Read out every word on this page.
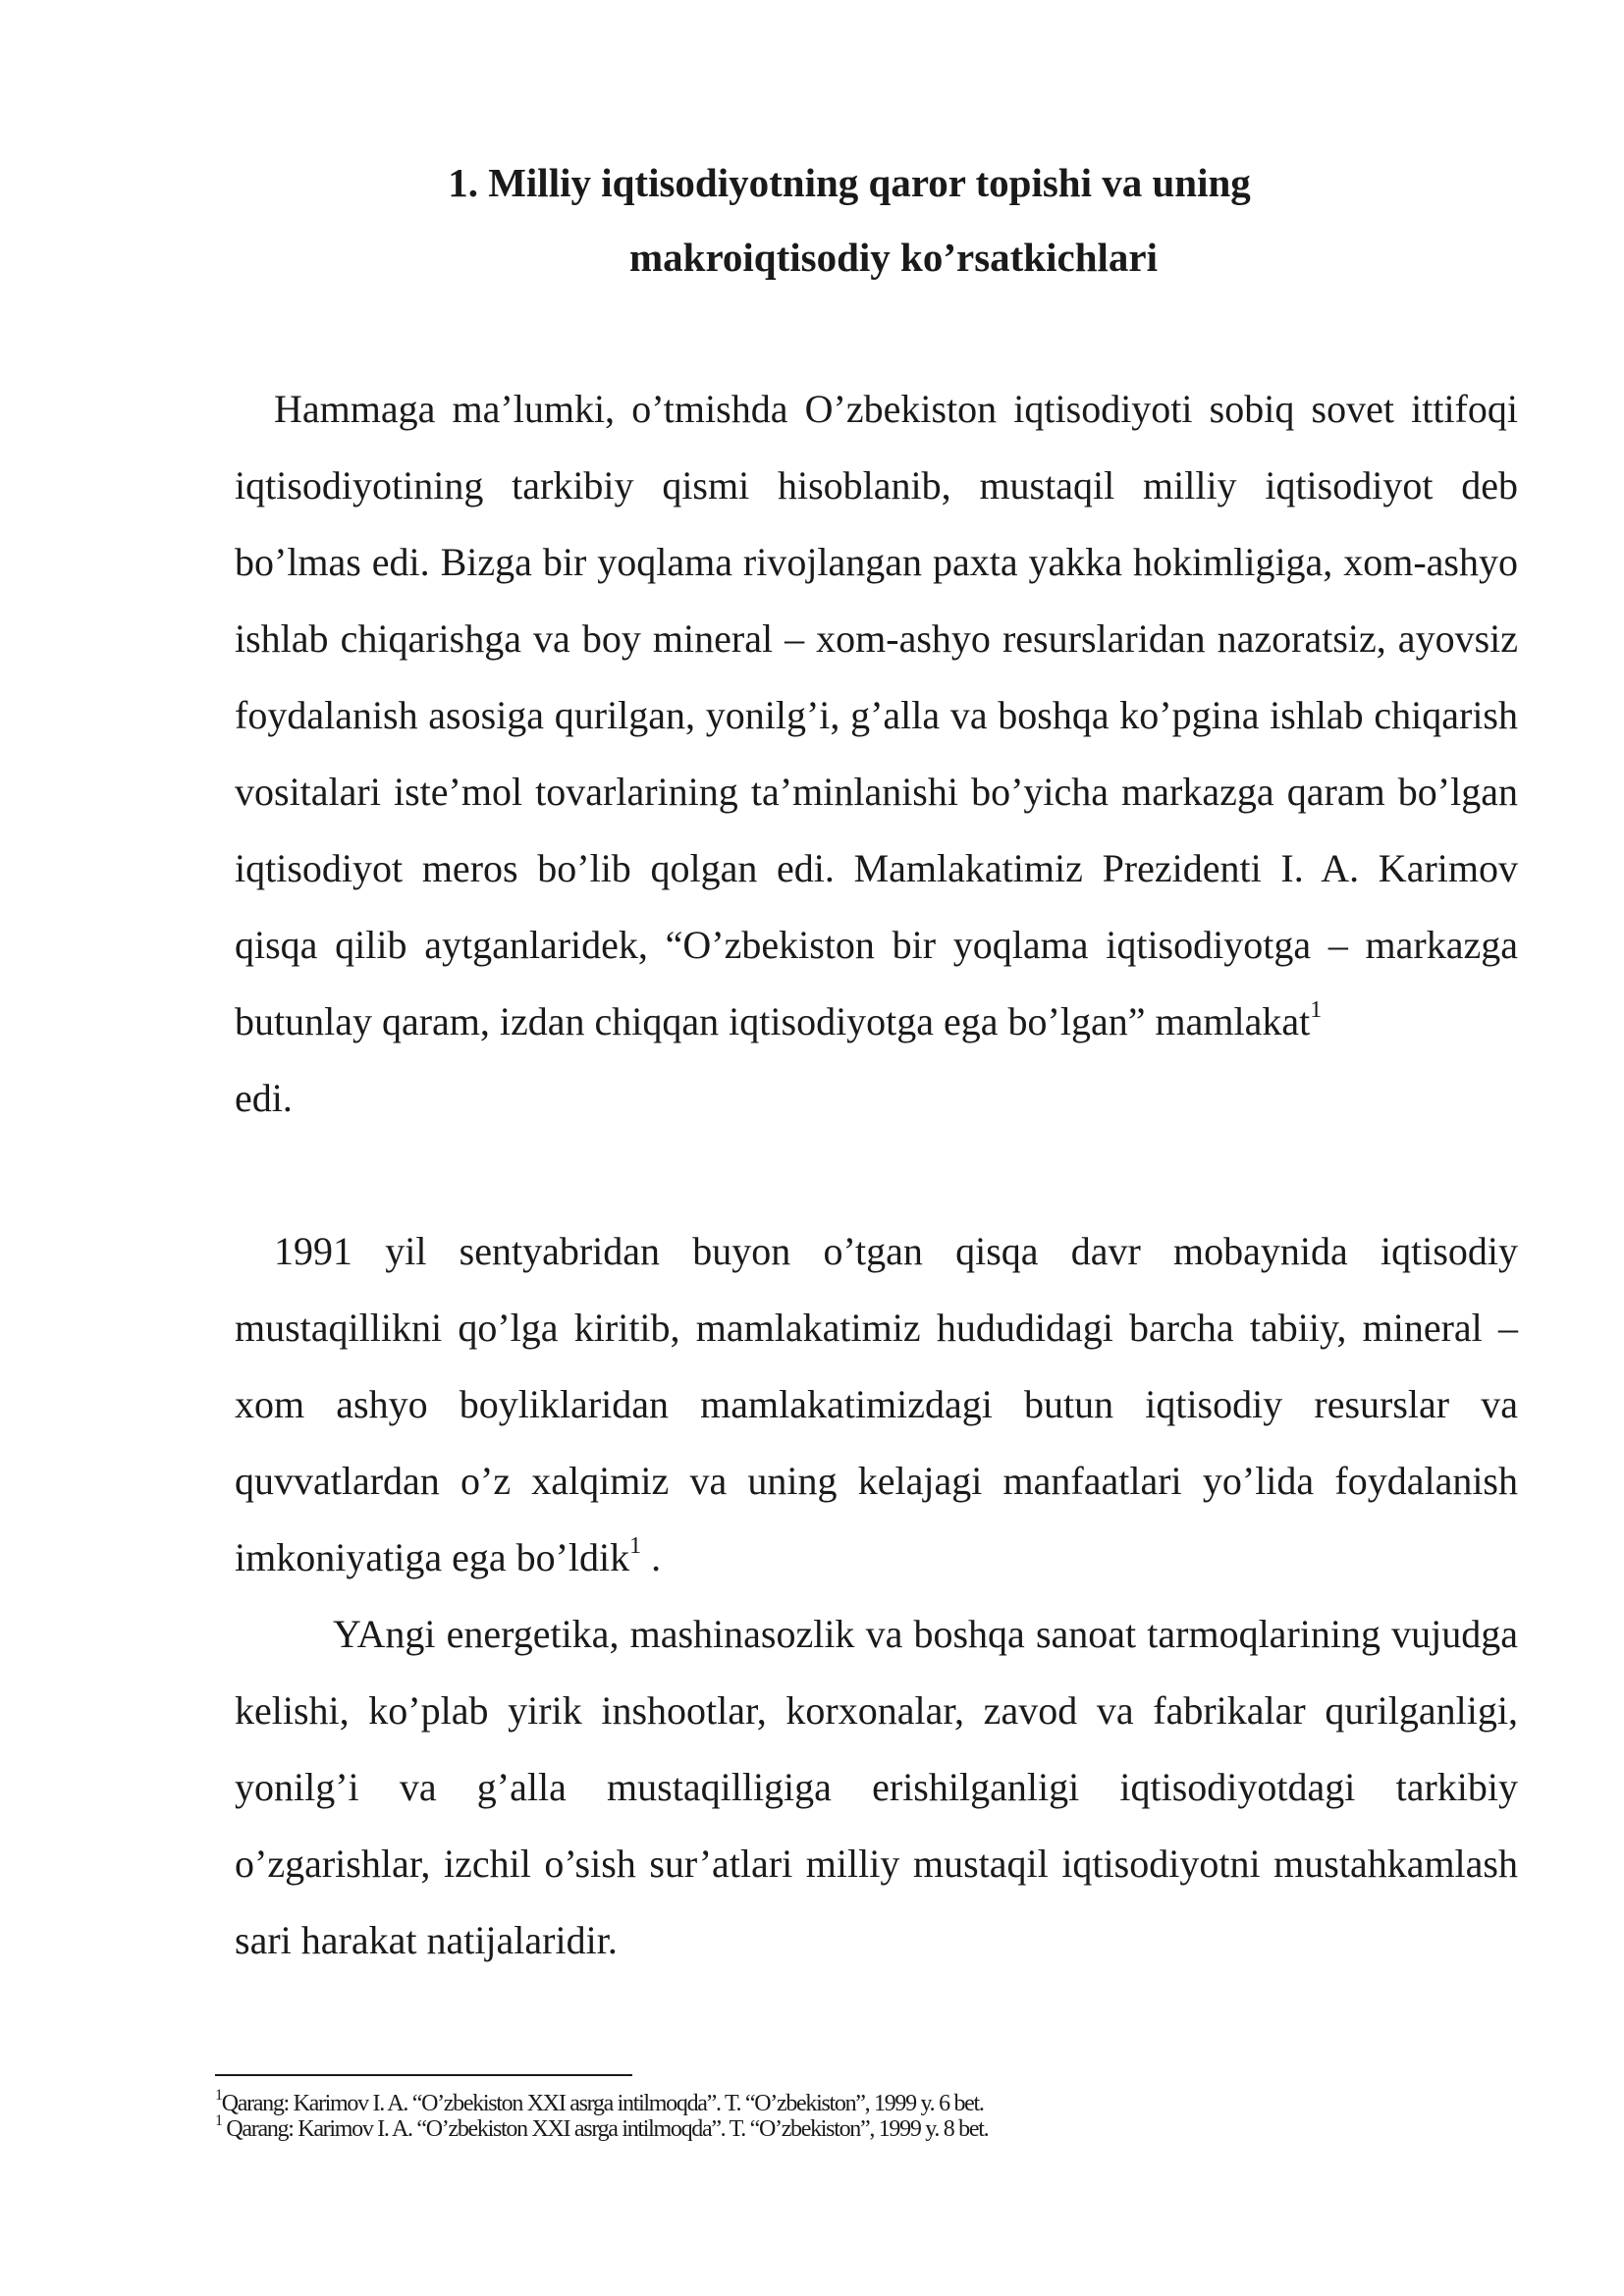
1. Milliy iqtisodiyotning qaror topishi va uning
makroiqtisodiy ko’rsatkichlari

Hammaga ma’lumki, o’tmishda O’zbekiston iqtisodiyoti sobiq sovet ittifoqi iqtisodiyotining tarkibiy qismi hisoblanib, mustaqil milliy iqtisodiyot deb bo’lmas edi. Bizga bir yoqlama rivojlangan paxta yakka hokimligiga, xom-ashyo ishlab chiqarishga va boy mineral – xom-ashyo resurslaridan nazoratsiz, ayovsiz foydalanish asosiga qurilgan, yonilg’i, g’alla va boshqa ko’pgina ishlab chiqarish vositalari iste’mol tovarlarining ta’minlanishi bo’yicha markazga qaram bo’lgan iqtisodiyot meros bo’lib qolgan edi. Mamlakatimiz Prezidenti I. A. Karimov qisqa qilib aytganlaridek, “O’zbekiston bir yoqlama iqtisodiyotga – markazga butunlay qaram, izdan chiqqan iqtisodiyotga ega bo’lgan” mamlakat$^1$
edi.

1991 yil sentyabridan buyon o’tgan qisqa davr mobaynida iqtisodiy mustaqillikni qo’lga kiritib, mamlakatimiz hududidagi barcha tabiiy, mineral – xom ashyo boyliklaridan mamlakatimizdagi butun iqtisodiy resurslar va quvvatlardan o’z xalqimiz va uning kelajagi manfaatlari yo’lida foydalanish imkoniyatiga ega bo’ldik$^1$ .

YAngi energetika, mashinasozlik va boshqa sanoat tarmoqlarining vujudga kelishi, ko’plab yirik inshootlar, korxonalar, zavod va fabrikalar qurilganligi, yonilg’i va g’alla mustaqilligiga erishilganligi iqtisodiyotdagi tarkibiy o’zgarishlar, izchil o’sish sur’atlari milliy mustaqil iqtisodiyotni mustahkamlash sari harakat natijalaridir.

$^1$Qarang: Karimov I. A. “O’zbekiston XXI asrga intilmoqda”. T. “O’zbekiston”, 1999 y. 6 bet.
$^1$ Qarang: Karimov I. A. “O’zbekiston XXI asrga intilmoqda”. T. “O’zbekiston”, 1999 y. 8 bet.
